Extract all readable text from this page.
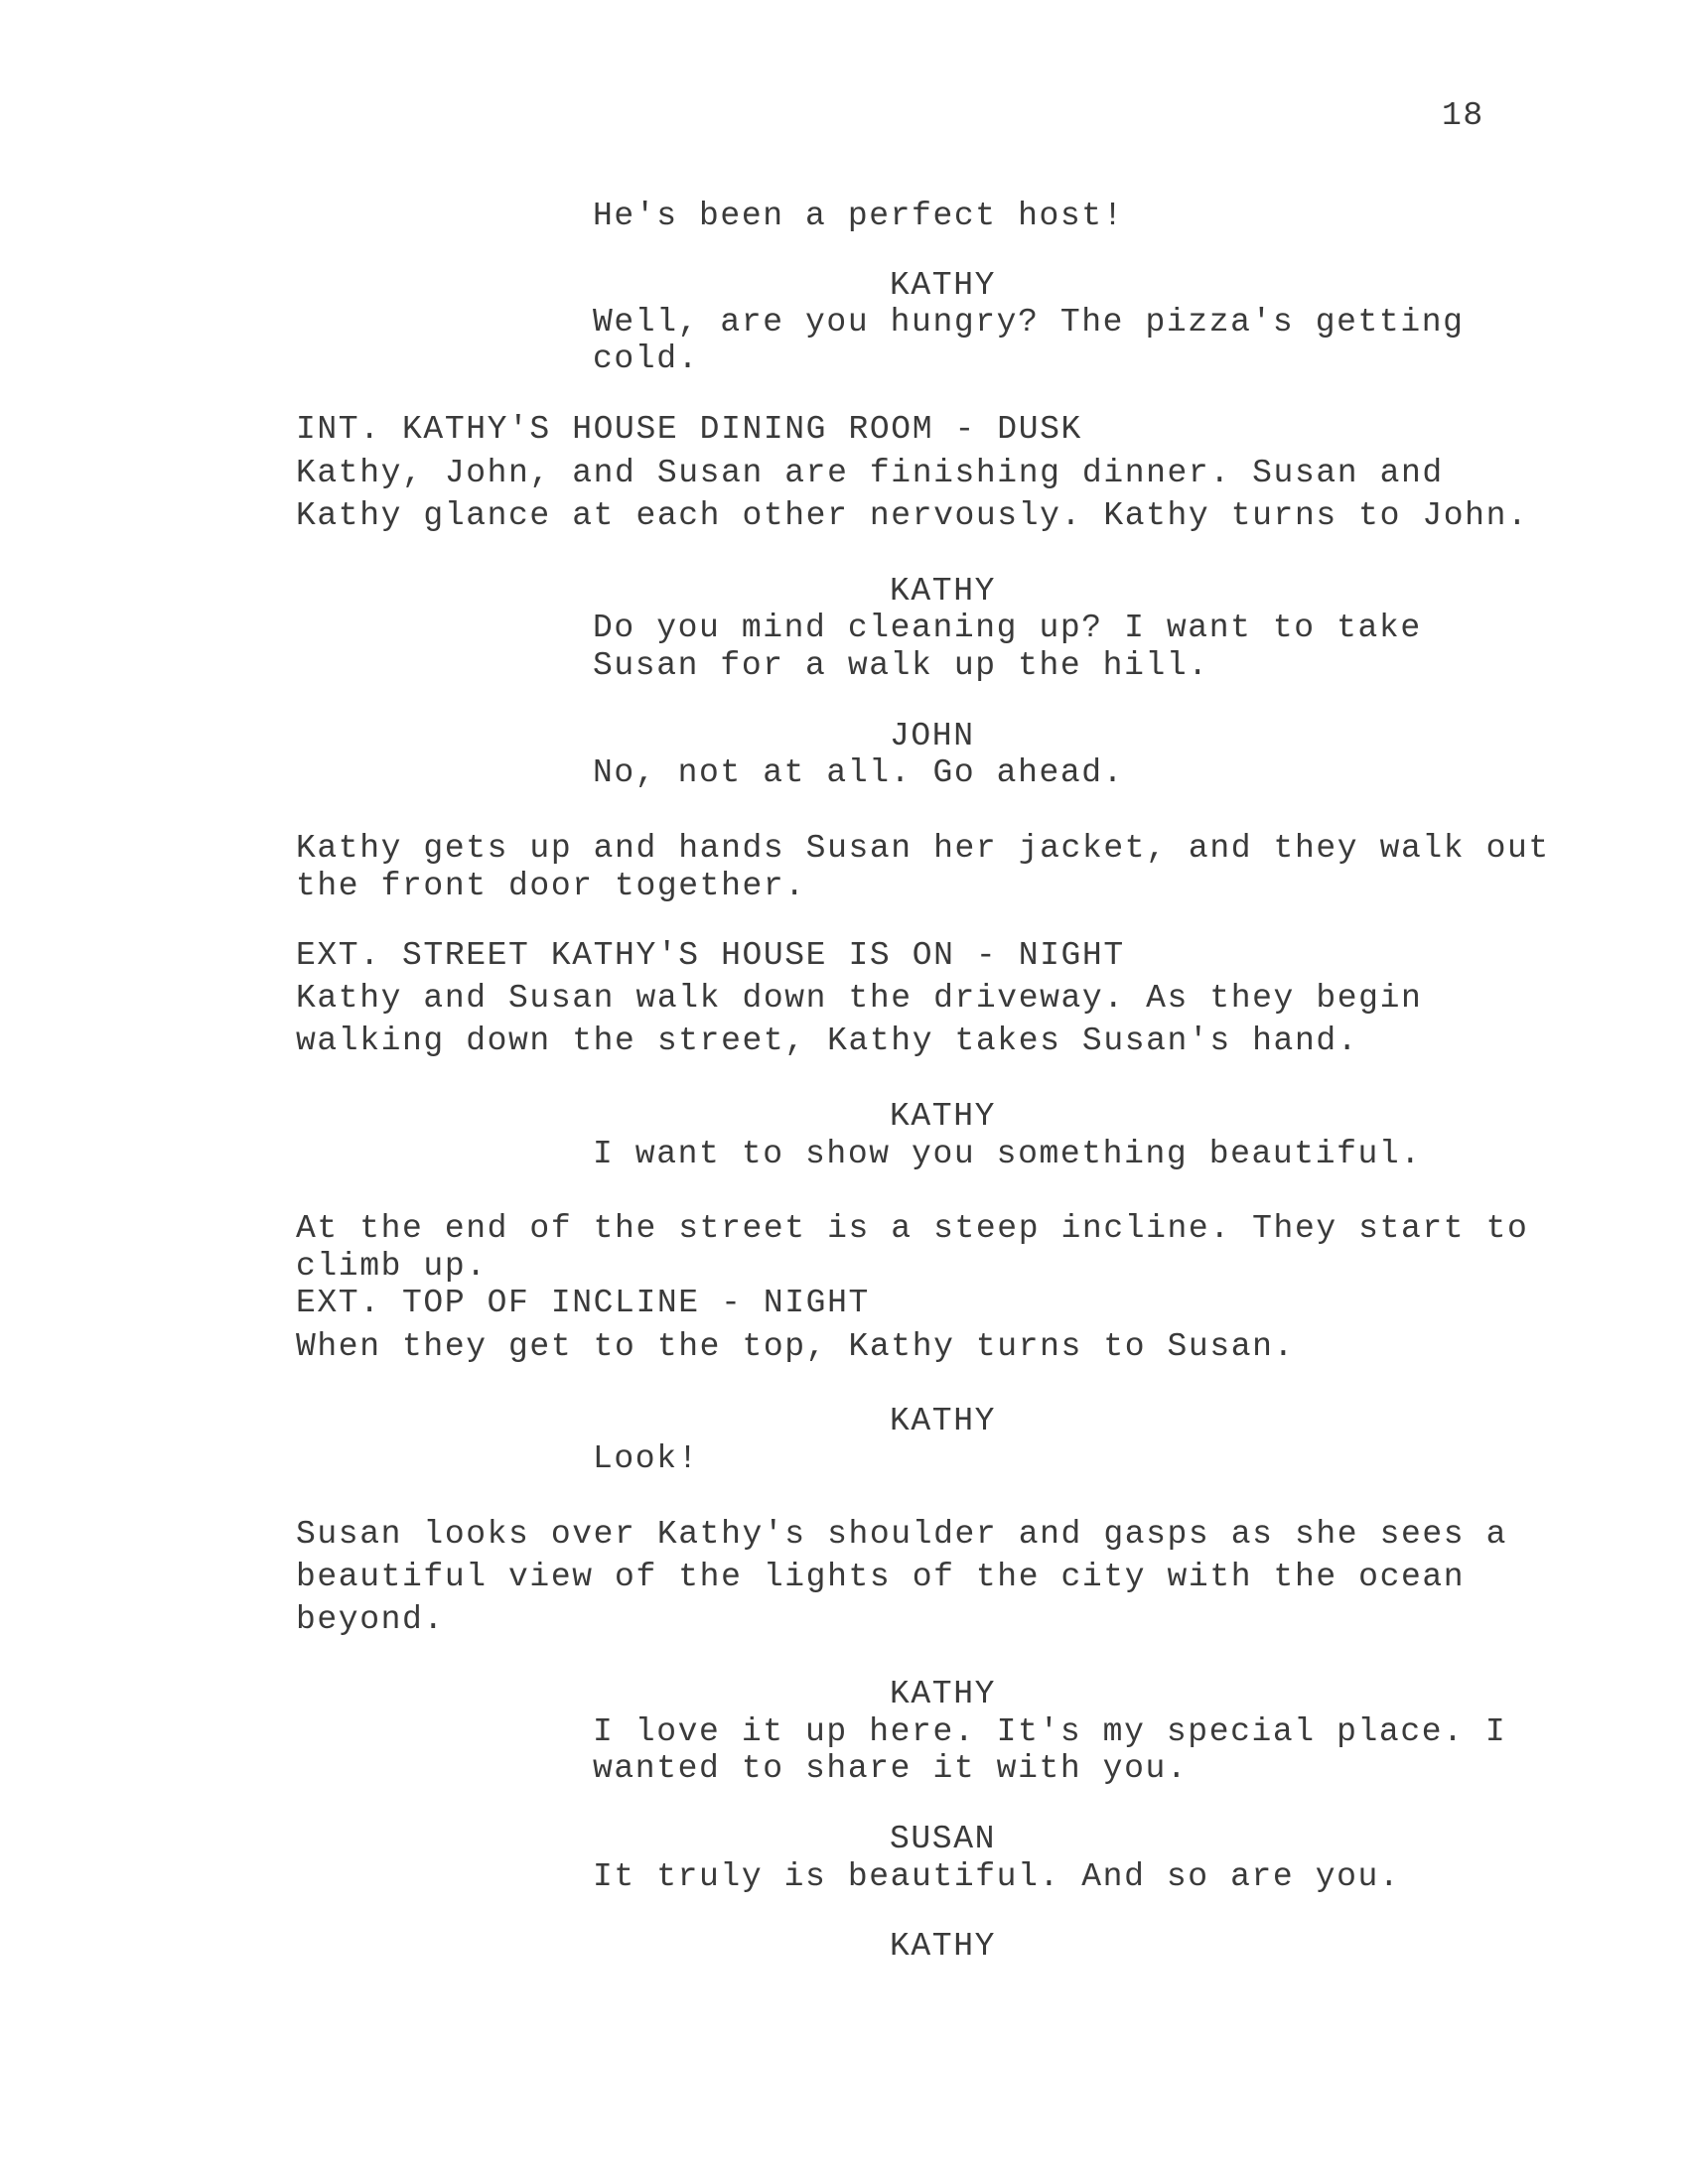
18
He's been a perfect host!
KATHY
Well, are you hungry? The pizza's getting
cold.
INT. KATHY'S HOUSE DINING ROOM - DUSK
Kathy, John, and Susan are finishing dinner. Susan and
Kathy glance at each other nervously. Kathy turns to John.
KATHY
Do you mind cleaning up? I want to take
Susan for a walk up the hill.
JOHN
No, not at all. Go ahead.
Kathy gets up and hands Susan her jacket, and they walk out
the front door together.
EXT. STREET KATHY'S HOUSE IS ON - NIGHT
Kathy and Susan walk down the driveway. As they begin
walking down the street, Kathy takes Susan's hand.
KATHY
I want to show you something beautiful.
At the end of the street is a steep incline. They start to
climb up.
EXT. TOP OF INCLINE - NIGHT
When they get to the top, Kathy turns to Susan.
KATHY
Look!
Susan looks over Kathy's shoulder and gasps as she sees a
beautiful view of the lights of the city with the ocean
beyond.
KATHY
I love it up here. It's my special place. I
wanted to share it with you.
SUSAN
It truly is beautiful. And so are you.
KATHY
